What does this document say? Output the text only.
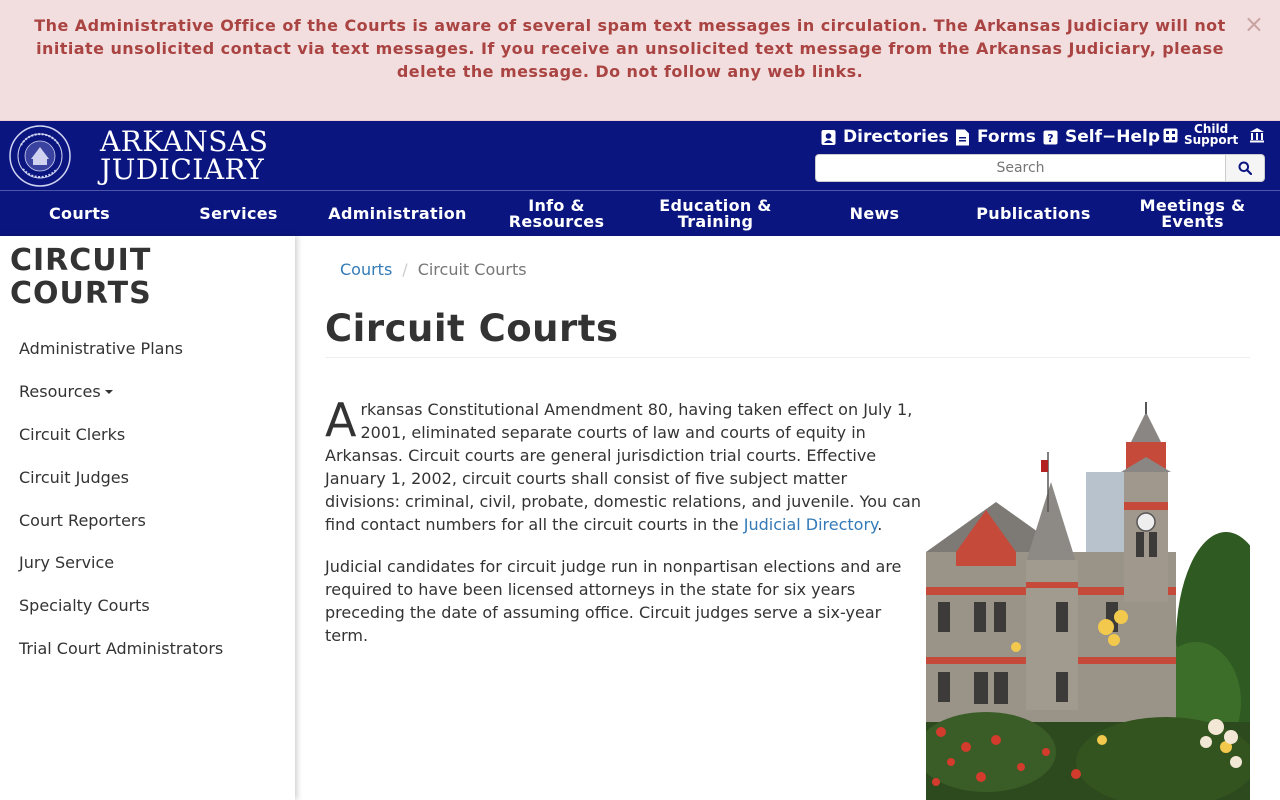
The Administrative Office of the Courts is aware of several spam text messages in circulation. The Arkansas Judiciary will not initiate unsolicited contact via text messages. If you receive an unsolicited text message from the Arkansas Judiciary, please delete the message. Do not follow any web links.
×
ARKANSAS
JUDICIARY
Directories Forms ? Self−Help	Child
Support
Search
Courts	Services	Administration	Info &
Resources
Education &
Training	News	Publications	Meetings &
Events
CIRCUIT COURTS
Administrative Plans
Resources
Circuit Clerks
Circuit Judges
Court Reporters
Jury Service
Specialty Courts
Trial Court Administrators
Courts / Circuit Courts
Circuit Courts
Arkansas Constitutional Amendment 80, having taken effect on July 1, 2001, eliminated separate courts of law and courts of equity in Arkansas. Circuit courts are general jurisdiction trial courts. Effective January 1, 2002, circuit courts shall consist of five subject matter divisions: criminal, civil, probate, domestic relations, and juvenile. You can find contact numbers for all the circuit courts in the Judicial Directory.

Judicial candidates for circuit judge run in nonpartisan elections and are required to have been licensed attorneys in the state for six years preceding the date of assuming office. Circuit judges serve a six-year term.
